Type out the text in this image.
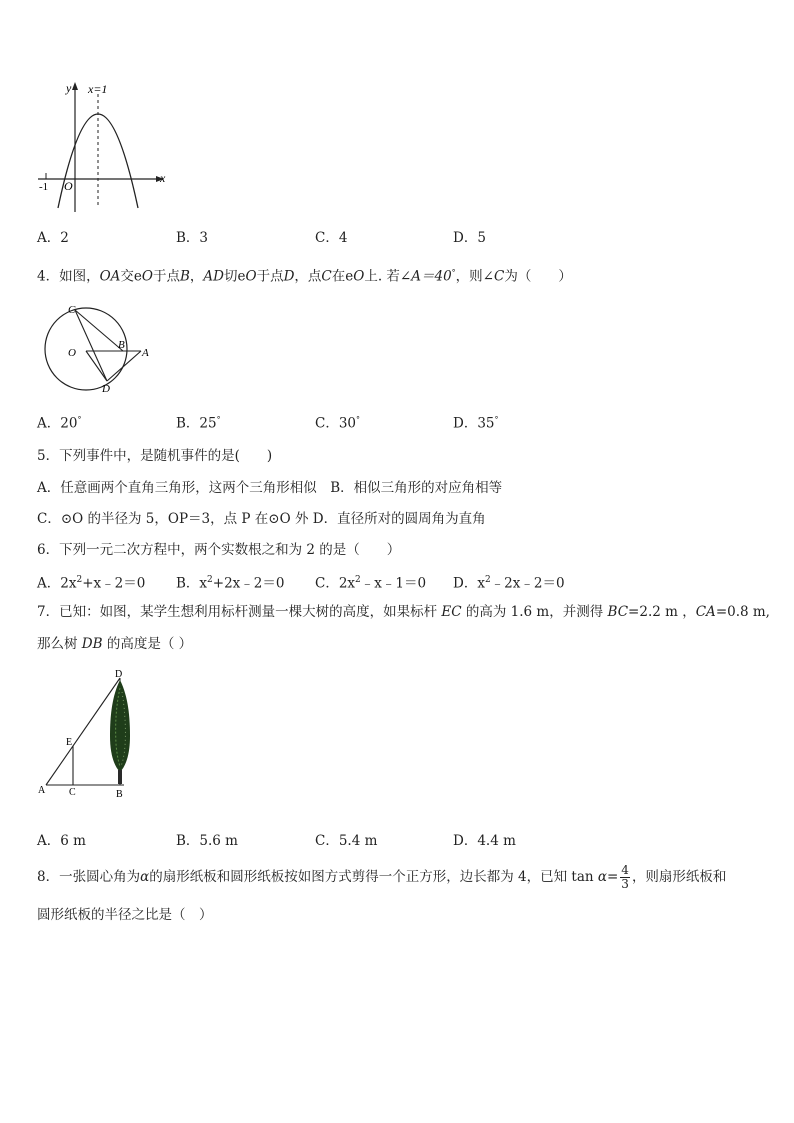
y x=1
x
O
-1
A．2	B．3	C．4	D．5
4．如图，OA交eO于点B，AD切eO于点D，点C在eO上. 若∠A＝40°，则∠C为（　　）
C
O
B
A
D
A．20°	B．25°	C．30°	D．35°
5．下列事件中，是随机事件的是(　　)
A．任意画两个直角三角形，这两个三角形相似　B．相似三角形的对应角相等
C．⊙O 的半径为 5，OP＝3，点 P 在⊙O 外 D．直径所对的圆周角为直角
6．下列一元二次方程中，两个实数根之和为 2 的是（　　）
A．$2x^2+x﹣2=0$ B．$x^2+2x﹣2=0$ C．$2x^2﹣x﹣1=0$ D．$x^2﹣2x﹣2=0$
7．已知：如图，某学生想利用标杆测量一棵大树的高度，如果标杆 EC 的高为 1.6 m，并测得 BC=2.2 m ，CA=0.8 m,
那么树 DB 的高度是（ ）
D
E
A C	B
A．6 m	B．5.6 m	C．5.4 m	D．4.4 m
8．一张圆心角为α的扇形纸板和圆形纸板按如图方式剪得一个正方形，边长都为 4，已知 $\tan \alpha= \frac{4}{3}$ ，则扇形纸板和
圆形纸板的半径之比是（　）
